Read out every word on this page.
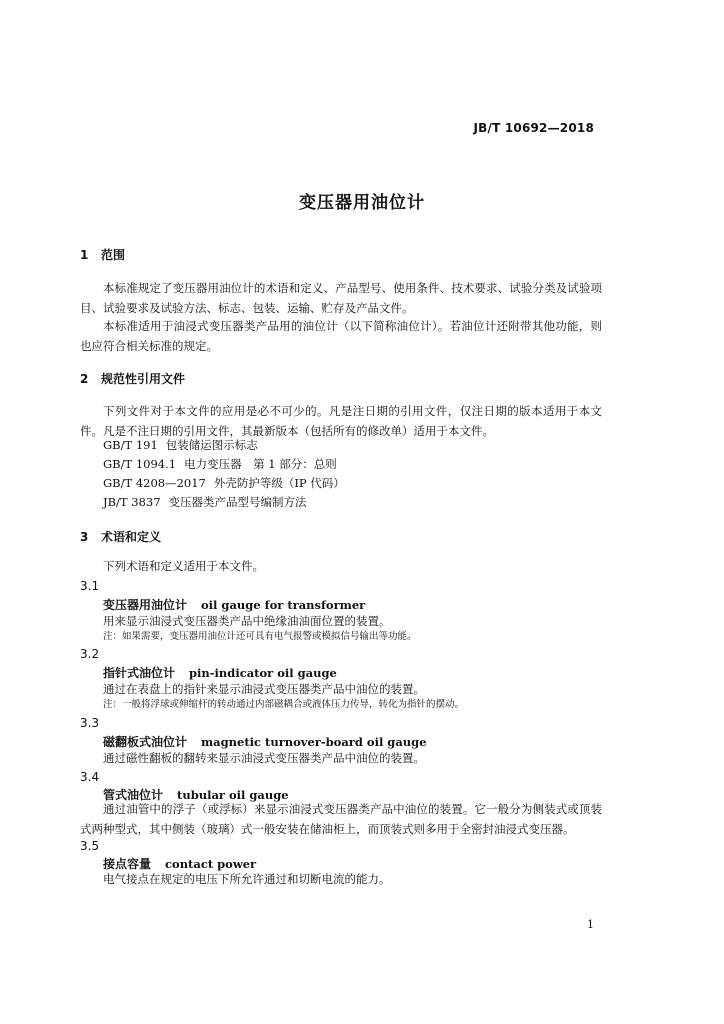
JB/T 10692—2018
变压器用油位计
1 范围

本标准规定了变压器用油位计的术语和定义、产品型号、使用条件、技术要求、试验分类及试验项目、试验要求及试验方法、标志、包装、运输、贮存及产品文件。

本标准适用于油浸式变压器类产品用的油位计（以下简称油位计）。若油位计还附带其他功能，则也应符合相关标准的规定。

2 规范性引用文件

下列文件对于本文件的应用是必不可少的。凡是注日期的引用文件，仅注日期的版本适用于本文件。凡是不注日期的引用文件，其最新版本（包括所有的修改单）适用于本文件。

GB/T 191 包装储运图示标志
GB/T 1094.1 电力变压器　第 1 部分：总则
GB/T 4208—2017 外壳防护等级（IP 代码）
JB/T 3837 变压器类产品型号编制方法
3 术语和定义
下列术语和定义适用于本文件。
3.1
变压器用油位计 oil gauge for transformer
用来显示油浸式变压器类产品中绝缘油油面位置的装置。
注：如果需要，变压器用油位计还可具有电气报警或模拟信号输出等功能。
3.2
指针式油位计 pin-indicator oil gauge
通过在表盘上的指针来显示油浸式变压器类产品中油位的装置。
注：一般将浮球或伸缩杆的转动通过内部磁耦合或液体压力传导，转化为指针的摆动。
3.3
磁翻板式油位计 magnetic turnover-board oil gauge
通过磁性翻板的翻转来显示油浸式变压器类产品中油位的装置。
3.4
管式油位计 tubular oil gauge

通过油管中的浮子（或浮标）来显示油浸式变压器类产品中油位的装置。它一般分为侧装式或顶装式两种型式，其中侧装（玻璃）式一般安装在储油柜上，而顶装式则多用于全密封油浸式变压器。

3.5
接点容量 contact power
电气接点在规定的电压下所允许通过和切断电流的能力。
1
